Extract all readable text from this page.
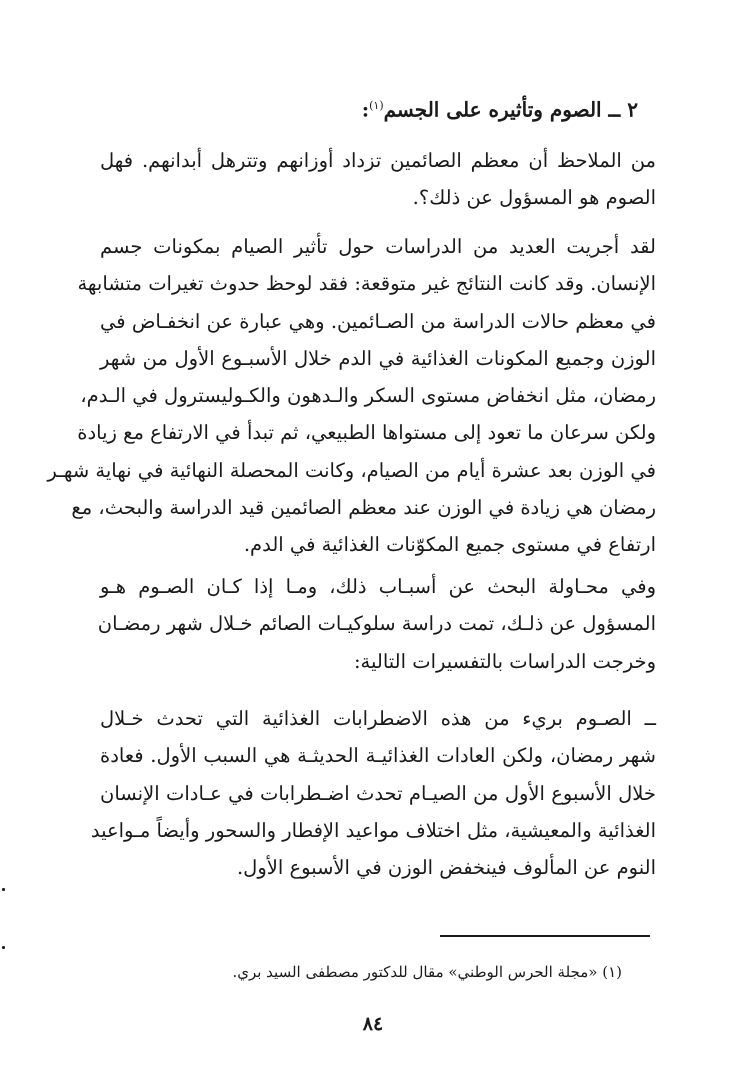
٢ ــ الصوم وتأثيره على الجسم$^{(١)}$:
من الملاحظ أن معظم الصائمين تزداد أوزانهم وتترهل أبدانهم. فهل
الصوم هو المسؤول عن ذلك؟.
لقد أجريت العديد من الدراسات حول تأثير الصيام بمكونات جسم
الإنسان. وقد كانت النتائج غير متوقعة: فقد لوحظ حدوث تغيرات متشابهة
في معظم حالات الدراسة من الصـائمين. وهي عبارة عن انخفـاض في
الوزن وجميع المكونات الغذائية في الدم خلال الأسبـوع الأول من شهر
رمضان، مثل انخفاض مستوى السكر والـدهون والكـوليسترول في الـدم،
ولكن سرعان ما تعود إلى مستواها الطبيعي، ثم تبدأ في الارتفاع مع زيادة
في الوزن بعد عشرة أيام من الصيام، وكانت المحصلة النهائية في نهاية شهـر
رمضان هي زيادة في الوزن عند معظم الصائمين قيد الدراسة والبحث، مع
ارتفاع في مستوى جميع المكوّنات الغذائية في الدم.
وفي محـاولة البحث عن أسبـاب ذلك، ومـا إذا كـان الصـوم هـو
المسؤول عن ذلـك، تمت دراسة سلوكيـات الصائم خـلال شهر رمضـان
وخرجت الدراسات بالتفسيرات التالية:
ــ الصـوم بريء من هذه الاضطرابات الغذائية التي تحدث خـلال
شهر رمضان، ولكن العادات الغذائيـة الحديثـة هي السبب الأول. فعادة
خلال الأسبوع الأول من الصيـام تحدث اضـطرابات في عـادات الإنسان
الغذائية والمعيشية، مثل اختلاف مواعيد الإفطار والسحور وأيضاً مـواعيد
النوم عن المألوف فينخفض الوزن في الأسبوع الأول.
(١) «مجلة الحرس الوطني» مقال للدكتور مصطفى السيد بري.
٨٤
